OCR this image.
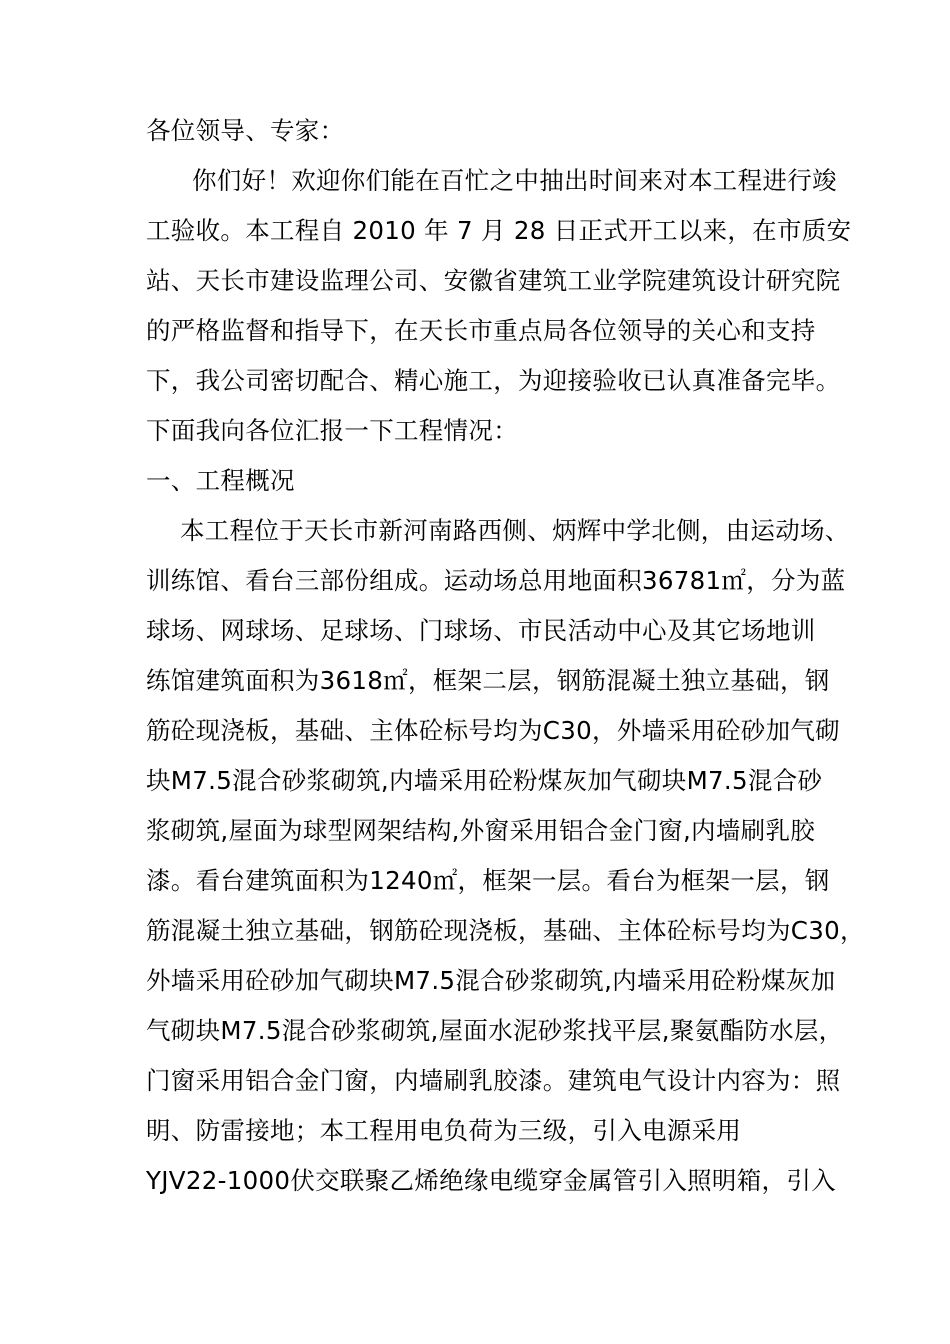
各位领导、专家：
你们好！欢迎你们能在百忙之中抽出时间来对本工程进行竣
工验收。本工程自 2010 年 7 月 28 日正式开工以来，在市质安
站、天长市建设监理公司、安徽省建筑工业学院建筑设计研究院
的严格监督和指导下，在天长市重点局各位领导的关心和支持
下，我公司密切配合、精心施工，为迎接验收已认真准备完毕。
下面我向各位汇报一下工程情况：
一、工程概况
本工程位于天长市新河南路西侧、炳辉中学北侧，由运动场、
训练馆、看台三部份组成。运动场总用地面积36781㎡，分为蓝
球场、网球场、足球场、门球场、市民活动中心及其它场地训
练馆建筑面积为3618㎡，框架二层，钢筋混凝土独立基础，钢
筋砼现浇板，基础、主体砼标号均为C30，外墙采用砼砂加气砌
块M7.5混合砂浆砌筑,内墙采用砼粉煤灰加气砌块M7.5混合砂
浆砌筑,屋面为球型网架结构,外窗采用铝合金门窗,内墙刷乳胶
漆。看台建筑面积为1240㎡，框架一层。看台为框架一层，钢
筋混凝土独立基础，钢筋砼现浇板，基础、主体砼标号均为C30，
外墙采用砼砂加气砌块M7.5混合砂浆砌筑,内墙采用砼粉煤灰加
气砌块M7.5混合砂浆砌筑,屋面水泥砂浆找平层,聚氨酯防水层，
门窗采用铝合金门窗，内墙刷乳胶漆。建筑电气设计内容为：照
明、防雷接地；本工程用电负荷为三级，引入电源采用
YJV22-1000伏交联聚乙烯绝缘电缆穿金属管引入照明箱，引入
